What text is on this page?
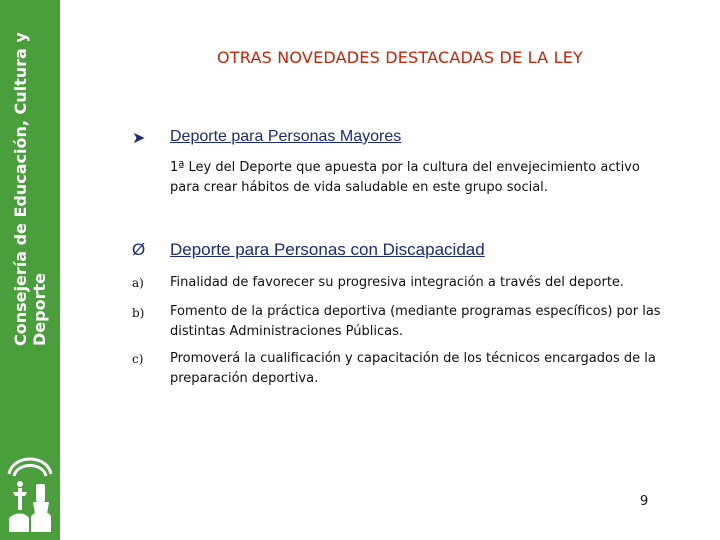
Consejería de Educación, Cultura y Deporte
OTRAS NOVEDADES DESTACADAS DE LA LEY
➤	Deporte para Personas Mayores
1ª Ley del Deporte que apuesta por la cultura del envejecimiento activo para crear hábitos de vida saludable en este grupo social.
Ø	Deporte para Personas con Discapacidad
a) Finalidad de favorecer su progresiva integración a través del deporte.
b) Fomento de la práctica deportiva (mediante programas específicos) por las distintas Administraciones Públicas.
c) Promoverá la cualificación y capacitación de los técnicos encargados de la preparación deportiva.
9
